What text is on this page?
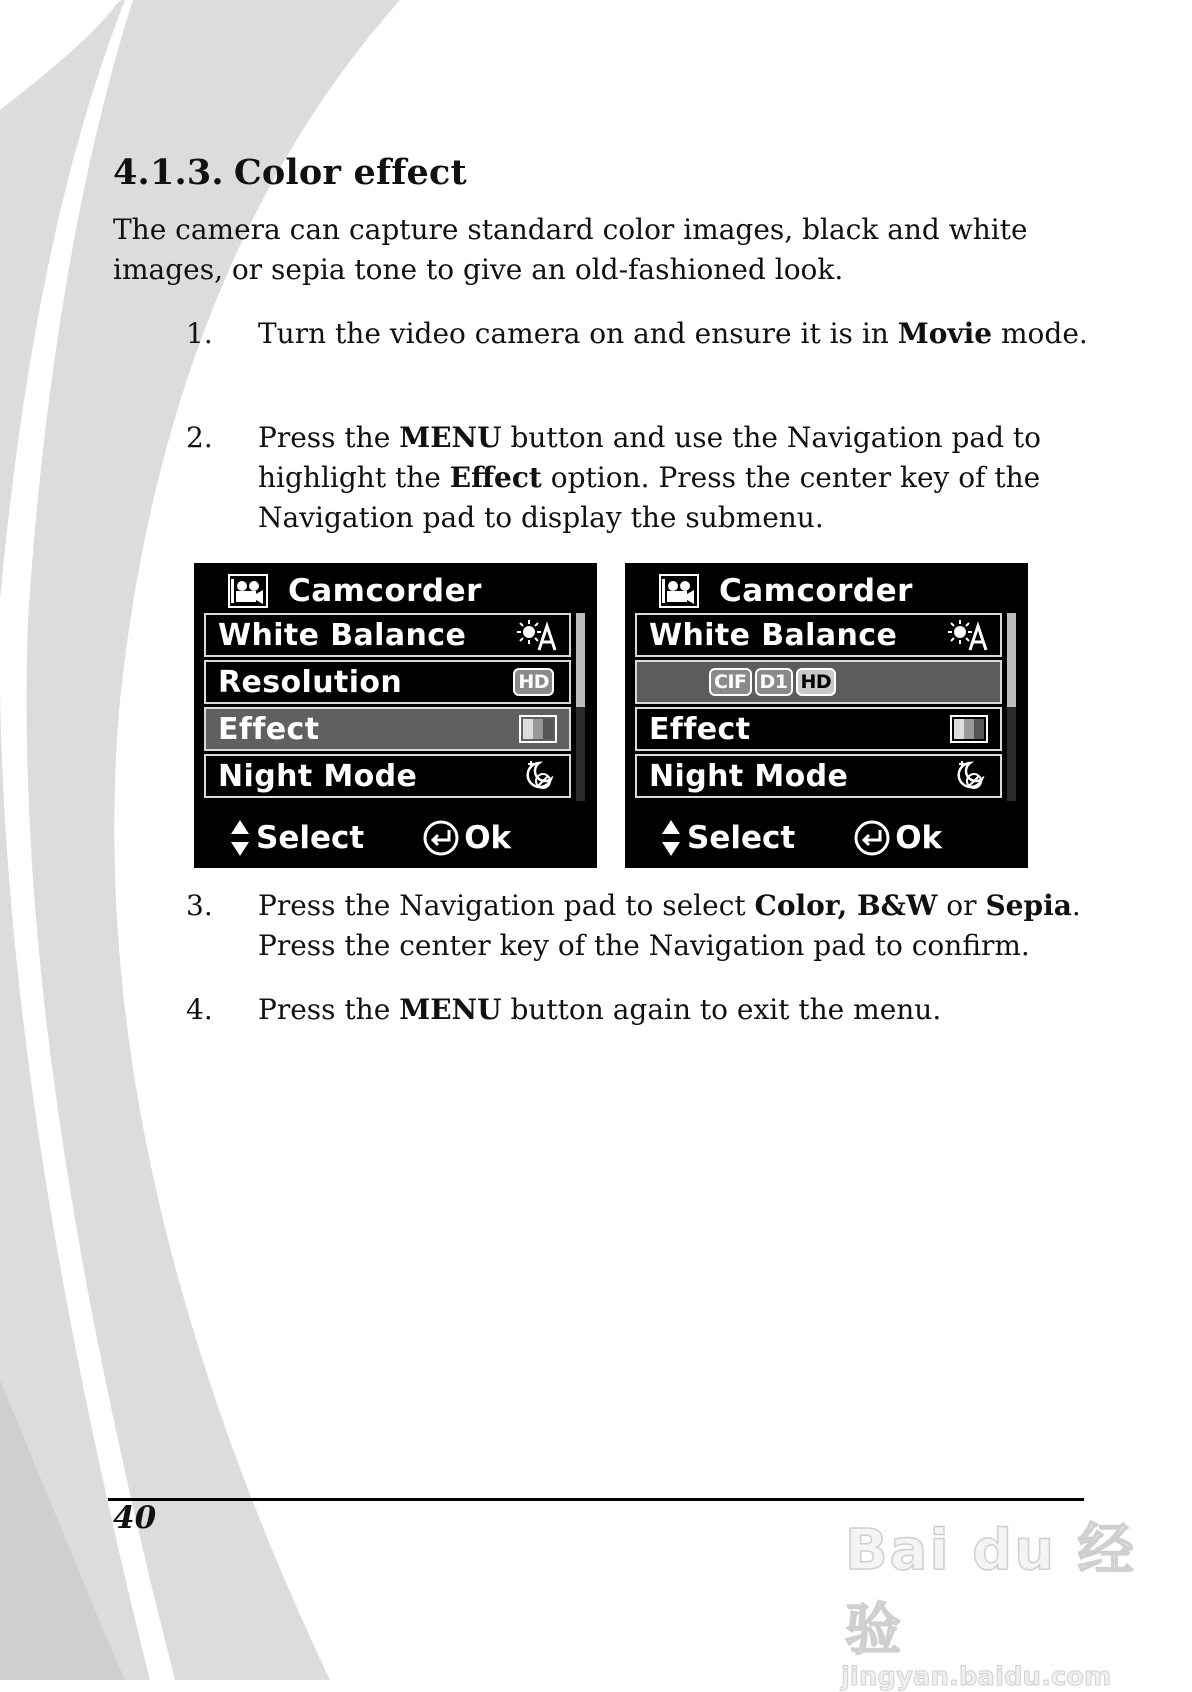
4.1.3. Color effect

The camera can capture standard color images, black and white images, or sepia tone to give an old-fashioned look.

1. Turn the video camera on and ensure it is in Movie mode.
2. Press the MENU button and use the Navigation pad to highlight the Effect option. Press the center key of the Navigation pad to display the submenu.
Camcorder
White Balance
Resolution	HD
Effect
Night Mode
Select	Ok
Camcorder
White Balance
CIF D1 HD
Effect
Night Mode
Select	Ok
3. Press the Navigation pad to select Color, B&W or Sepia. Press the center key of the Navigation pad to confirm.
4. Press the MENU button again to exit the menu.
40	Bai du 经验
jingyan.baidu.com
